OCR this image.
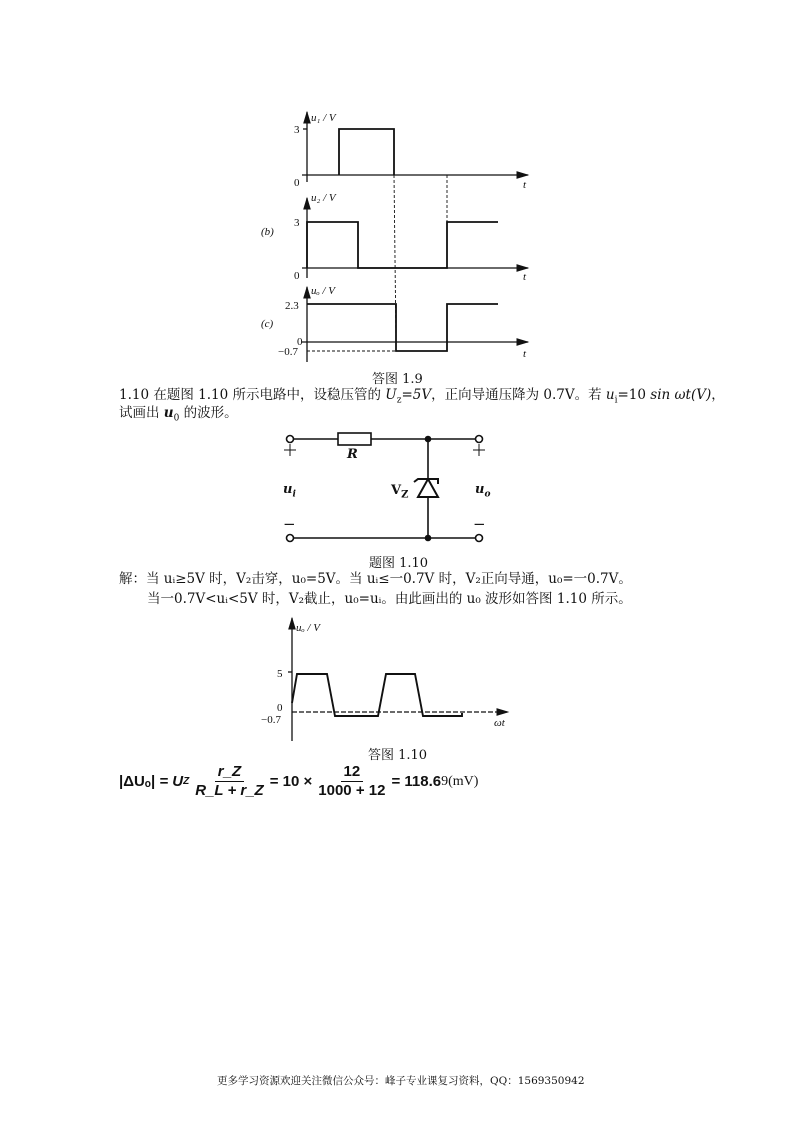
u₁ / V
3
0	t
u₂ / V
3
0	t
(b)
uₒ / V
2.3
0
−0.7	t
(c)
答图 1.9
1.10 在题图 1.10 所示电路中，设稳压管的 $U_z=5V$，正向导通压降为 0.7V。若 $u_i=10$ sin ωt(V)，
试画出 $u_0$ 的波形。
−	−
R
$V_Z$
$u_i$	$u_o$
题图 1.10
解：当 uᵢ≥5V 时，V₂击穿，u₀=5V。当 uᵢ≤一0.7V 时，V₂正向导通，u₀=一0.7V。
当一0.7V<uᵢ<5V 时，V₂截止，u₀=uᵢ。由此画出的 u₀ 波形如答图 1.10 所示。
uₒ / V
5
0
−0.7	ωt
答图 1.10
|ΔUₒ|
= U Z $\frac{r\_Z}{R\_L + r\_Z} = 10 \times \frac{12}{1000 + 12} = 118.6$ 9(mV)
更多学习资源欢迎关注微信公众号：峰子专业课复习资料，QQ：1569350942
